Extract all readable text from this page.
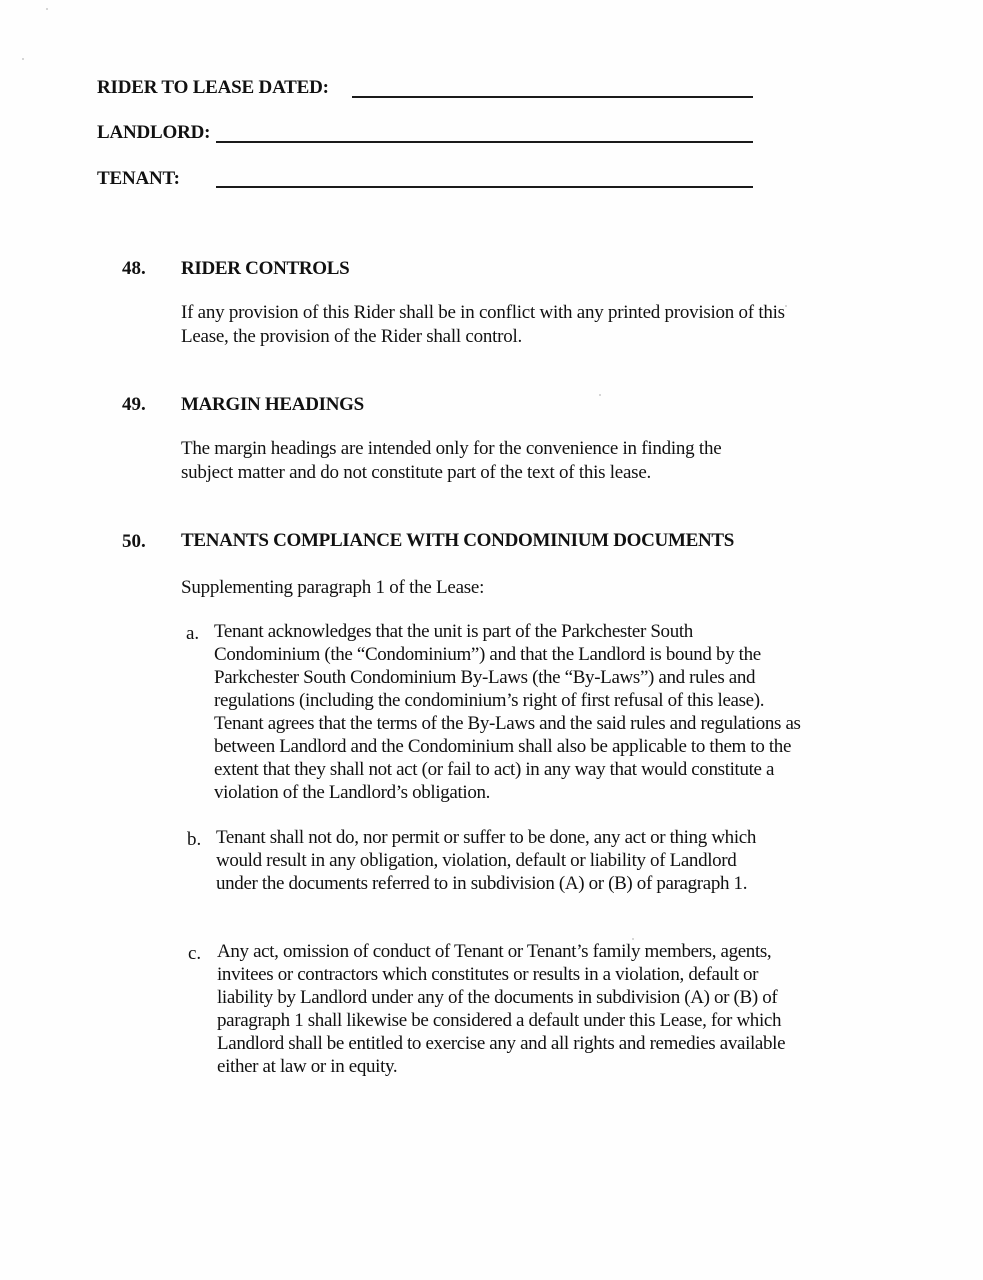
RIDER TO LEASE DATED:
LANDLORD:
TENANT:
48. RIDER CONTROLS
If any provision of this Rider shall be in conflict with any printed provision of this Lease, the provision of the Rider shall control.
49. MARGIN HEADINGS
The margin headings are intended only for the convenience in finding the subject matter and do not constitute part of the text of this lease.
50. TENANTS COMPLIANCE WITH CONDOMINIUM DOCUMENTS
Supplementing paragraph 1 of the Lease:
a. Tenant acknowledges that the unit is part of the Parkchester South Condominium (the “Condominium”) and that the Landlord is bound by the Parkchester South Condominium By-Laws (the “By-Laws”) and rules and regulations (including the condominium’s right of first refusal of this lease). Tenant agrees that the terms of the By-Laws and the said rules and regulations as between Landlord and the Condominium shall also be applicable to them to the extent that they shall not act (or fail to act) in any way that would constitute a violation of the Landlord’s obligation.
b. Tenant shall not do, nor permit or suffer to be done, any act or thing which would result in any obligation, violation, default or liability of Landlord under the documents referred to in subdivision (A) or (B) of paragraph 1.
c. Any act, omission of conduct of Tenant or Tenant’s family members, agents, invitees or contractors which constitutes or results in a violation, default or liability by Landlord under any of the documents in subdivision (A) or (B) of paragraph 1 shall likewise be considered a default under this Lease, for which Landlord shall be entitled to exercise any and all rights and remedies available either at law or in equity.
